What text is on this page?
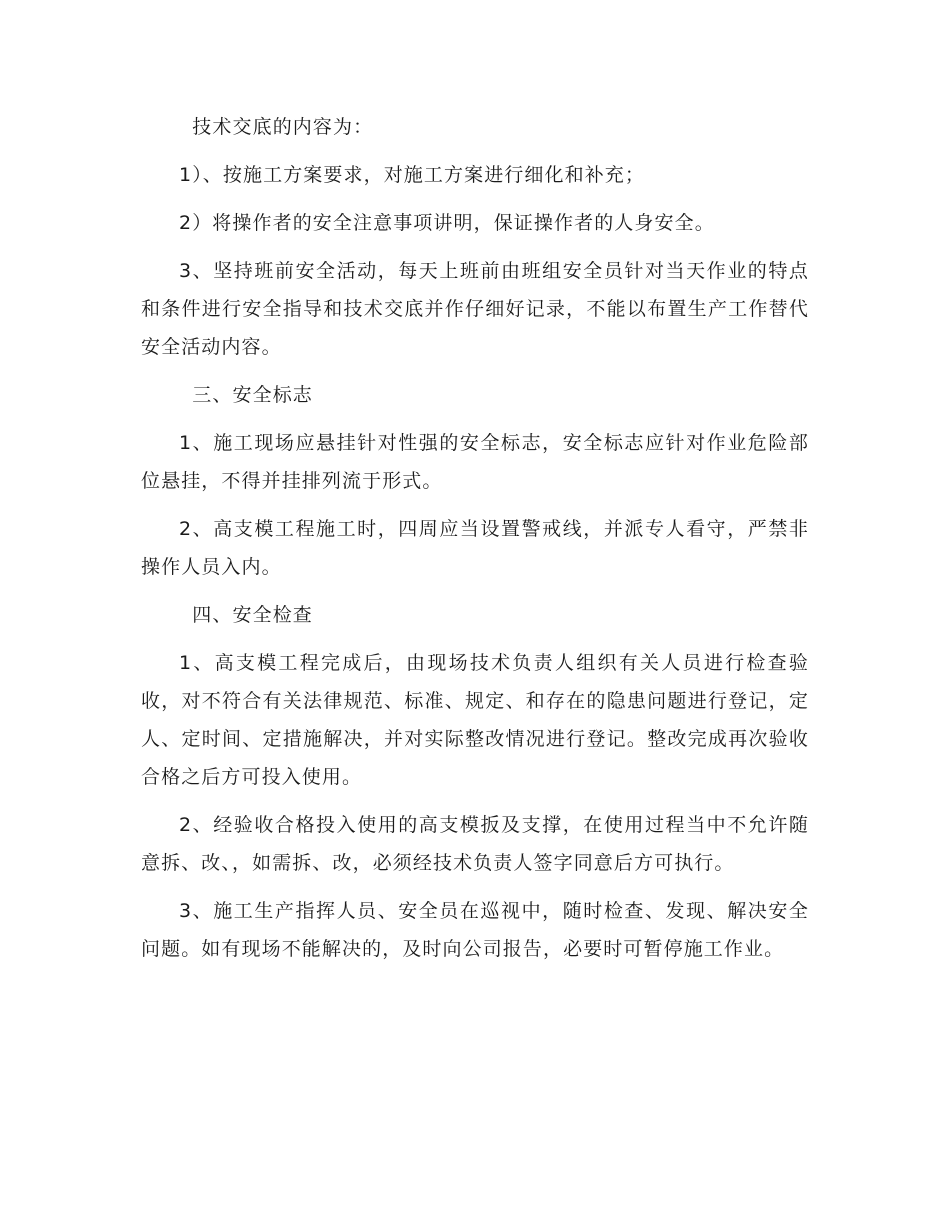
技术交底的内容为：

1）、按施工方案要求，对施工方案进行细化和补充；

2）将操作者的安全注意事项讲明，保证操作者的人身安全。

3、坚持班前安全活动，每天上班前由班组安全员针对当天作业的特点和条件进行安全指导和技术交底并作仔细好记录，不能以布置生产工作替代安全活动内容。

三、安全标志

1、施工现场应悬挂针对性强的安全标志，安全标志应针对作业危险部位悬挂，不得并挂排列流于形式。

2、高支模工程施工时，四周应当设置警戒线，并派专人看守，严禁非操作人员入内。

四、安全检查

1、高支模工程完成后，由现场技术负责人组织有关人员进行检查验收，对不符合有关法律规范、标准、规定、和存在的隐患问题进行登记，定人、定时间、定措施解决，并对实际整改情况进行登记。整改完成再次验收合格之后方可投入使用。

2、经验收合格投入使用的高支模扳及支撑，在使用过程当中不允许随意拆、改、，如需拆、改，必须经技术负责人签字同意后方可执行。

3、施工生产指挥人员、安全员在巡视中，随时检查、发现、解决安全问题。如有现场不能解决的，及时向公司报告，必要时可暂停施工作业。
